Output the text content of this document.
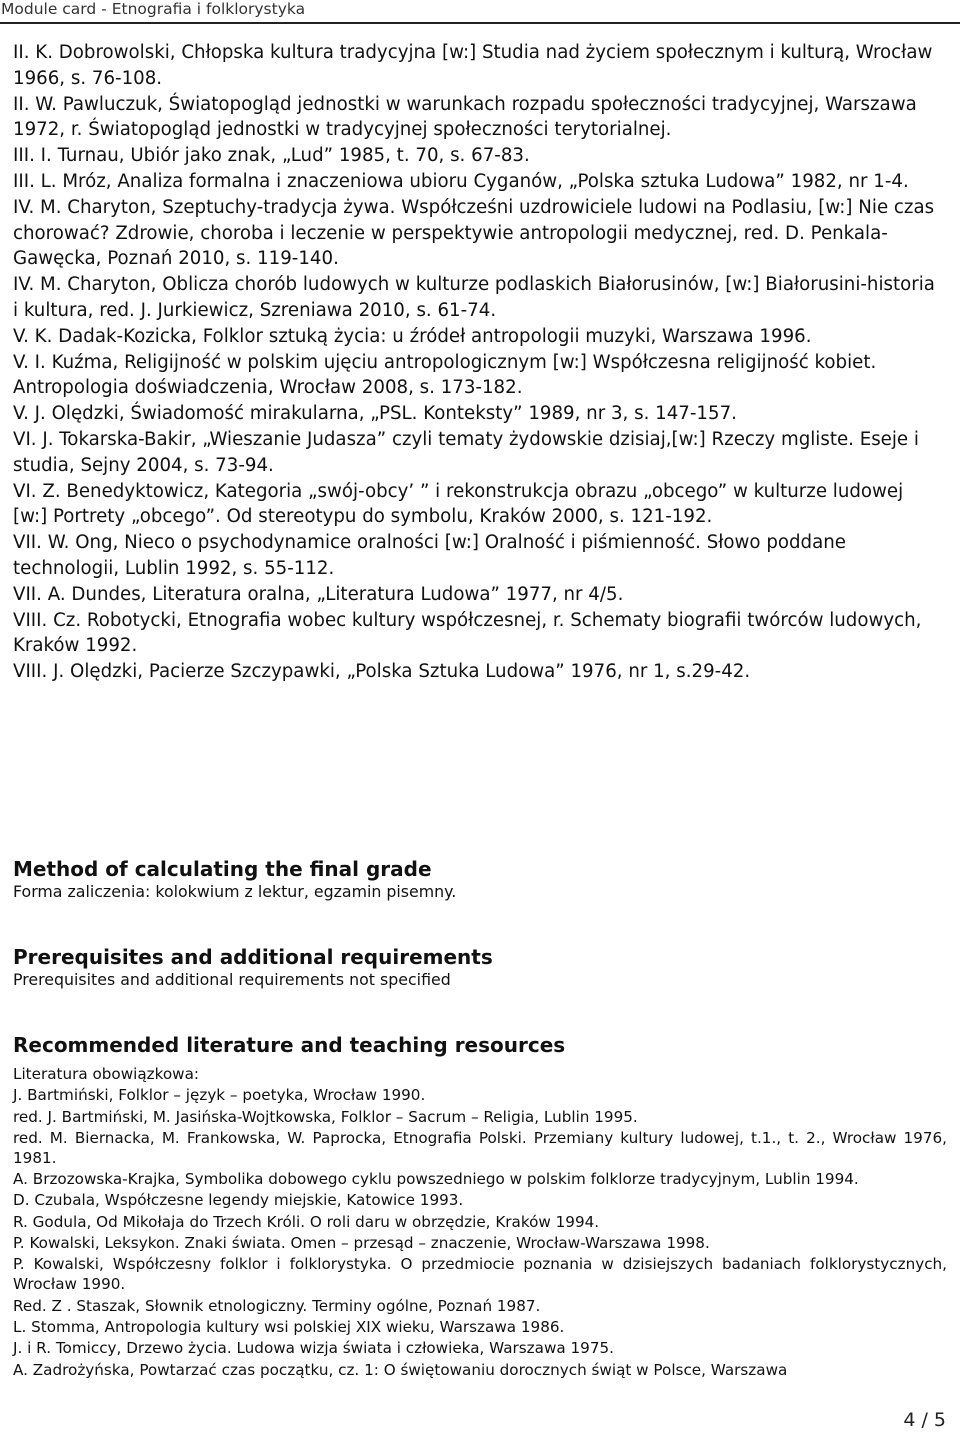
Module card - Etnografia i folklorystyka

II. K. Dobrowolski, Chłopska kultura tradycyjna [w:] Studia nad życiem społecznym i kulturą, Wrocław 1966, s. 76-108.

II. W. Pawluczuk, Światopogląd jednostki w warunkach rozpadu społeczności tradycyjnej, Warszawa 1972, r. Światopogląd jednostki w tradycyjnej społeczności terytorialnej.

III. I. Turnau, Ubiór jako znak, „Lud” 1985, t. 70, s. 67-83.

III. L. Mróz, Analiza formalna i znaczeniowa ubioru Cyganów, „Polska sztuka Ludowa” 1982, nr 1-4.

IV. M. Charyton, Szeptuchy-tradycja żywa. Współcześni uzdrowiciele ludowi na Podlasiu, [w:] Nie czas chorować? Zdrowie, choroba i leczenie w perspektywie antropologii medycznej, red. D. Penkala-Gawęcka, Poznań 2010, s. 119-140.

IV. M. Charyton, Oblicza chorób ludowych w kulturze podlaskich Białorusinów, [w:] Białorusini-historia i kultura, red. J. Jurkiewicz, Szreniawa 2010, s. 61-74.

V. K. Dadak-Kozicka, Folklor sztuką życia: u źródeł antropologii muzyki, Warszawa 1996.

V. I. Kuźma, Religijność w polskim ujęciu antropologicznym [w:] Współczesna religijność kobiet. Antropologia doświadczenia, Wrocław 2008, s. 173-182.

V. J. Olędzki, Świadomość mirakularna, „PSL. Konteksty” 1989, nr 3, s. 147-157.

VI. J. Tokarska-Bakir, „Wieszanie Judasza” czyli tematy żydowskie dzisiaj,[w:] Rzeczy mgliste. Eseje i studia, Sejny 2004, s. 73-94.

VI. Z. Benedyktowicz, Kategoria „swój-obcy’ ” i rekonstrukcja obrazu „obcego” w kulturze ludowej [w:] Portrety „obcego”. Od stereotypu do symbolu, Kraków 2000, s. 121-192.

VII. W. Ong, Nieco o psychodynamice oralności [w:] Oralność i piśmienność. Słowo poddane technologii, Lublin 1992, s. 55-112.

VII. A. Dundes, Literatura oralna, „Literatura Ludowa” 1977, nr 4/5.

VIII. Cz. Robotycki, Etnografia wobec kultury współczesnej, r. Schematy biografii twórców ludowych, Kraków 1992.

VIII. J. Olędzki, Pacierze Szczypawki, „Polska Sztuka Ludowa” 1976, nr 1, s.29-42.

Method of calculating the final grade

Forma zaliczenia: kolokwium z lektur, egzamin pisemny.

Prerequisites and additional requirements

Prerequisites and additional requirements not specified

Recommended literature and teaching resources

Literatura obowiązkowa:

J. Bartmiński, Folklor – język – poetyka, Wrocław 1990.

red. J. Bartmiński, M. Jasińska-Wojtkowska, Folklor – Sacrum – Religia, Lublin 1995.

red. M. Biernacka, M. Frankowska, W. Paprocka, Etnografia Polski. Przemiany kultury ludowej, t.1., t. 2., Wrocław 1976, 1981.

A. Brzozowska-Krajka, Symbolika dobowego cyklu powszedniego w polskim folklorze tradycyjnym, Lublin 1994.

D. Czubala, Współczesne legendy miejskie, Katowice 1993.

R. Godula, Od Mikołaja do Trzech Króli. O roli daru w obrzędzie, Kraków 1994.

P. Kowalski, Leksykon. Znaki świata. Omen – przesąd – znaczenie, Wrocław-Warszawa 1998.

P. Kowalski, Współczesny folklor i folklorystyka. O przedmiocie poznania w dzisiejszych badaniach folklorystycznych, Wrocław 1990.

Red. Z . Staszak, Słownik etnologiczny. Terminy ogólne, Poznań 1987.

L. Stomma, Antropologia kultury wsi polskiej XIX wieku, Warszawa 1986.

J. i R. Tomiccy, Drzewo życia. Ludowa wizja świata i człowieka, Warszawa 1975.

A. Zadrożyńska, Powtarzać czas początku, cz. 1: O świętowaniu dorocznych świąt w Polsce, Warszawa

4 / 5
